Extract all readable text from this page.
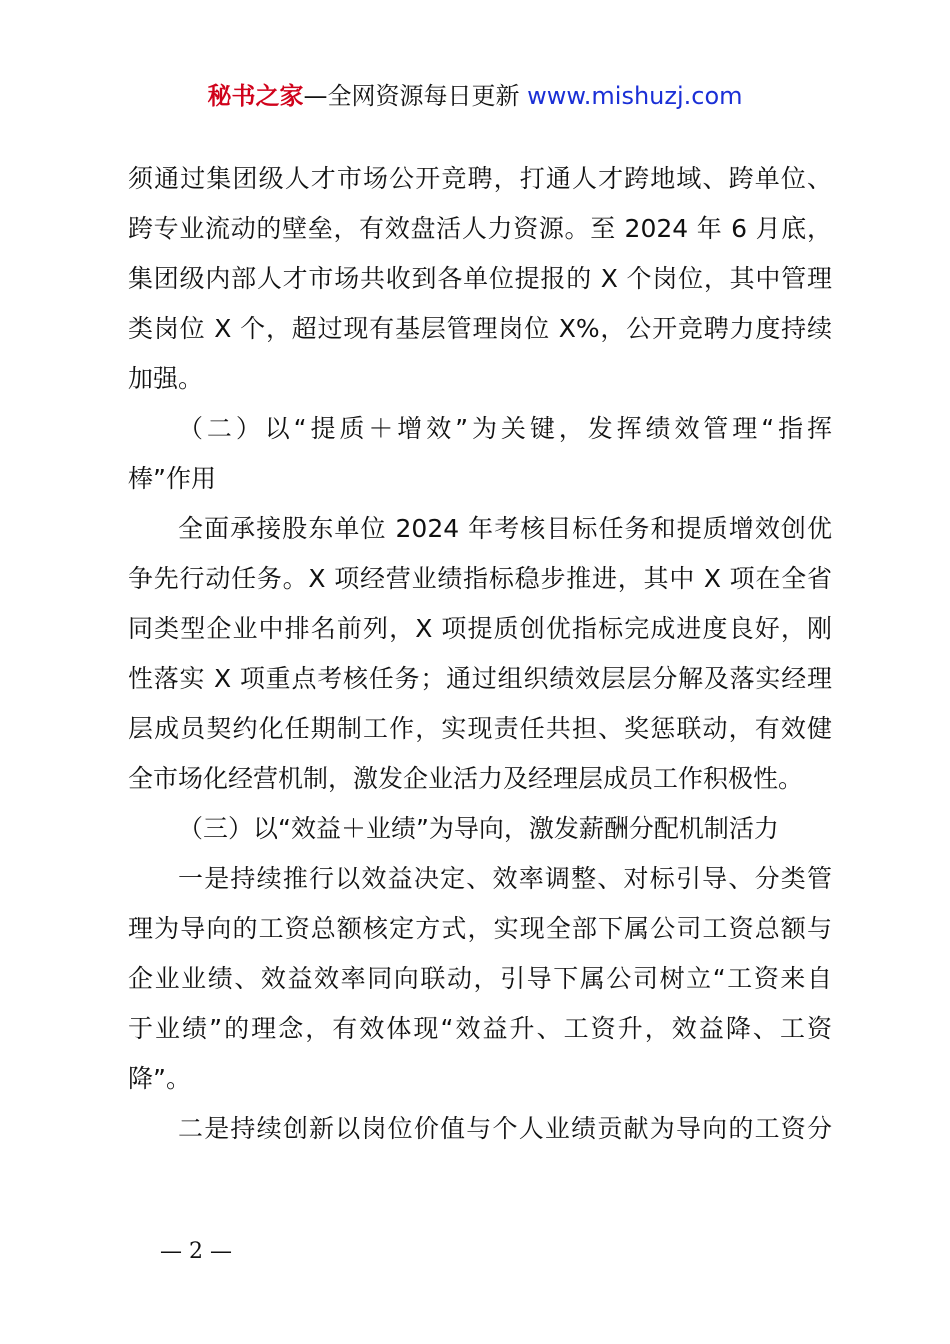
秘书之家—全网资源每日更新 www.mishuzj.com
须通过集团级人才市场公开竞聘，打通人才跨地域、跨单位、
跨专业流动的壁垒，有效盘活人力资源。至 2024 年 6 月底，
集团级内部人才市场共收到各单位提报的 X 个岗位，其中管理
类岗位 X 个，超过现有基层管理岗位 X%，公开竞聘力度持续
加强。
（二）以“提质＋增效”为关键，发挥绩效管理“指挥
棒”作用
全面承接股东单位 2024 年考核目标任务和提质增效创优
争先行动任务。X 项经营业绩指标稳步推进，其中 X 项在全省
同类型企业中排名前列，X 项提质创优指标完成进度良好，刚
性落实 X 项重点考核任务；通过组织绩效层层分解及落实经理
层成员契约化任期制工作，实现责任共担、奖惩联动，有效健
全市场化经营机制，激发企业活力及经理层成员工作积极性。
（三）以“效益＋业绩”为导向，激发薪酬分配机制活力
一是持续推行以效益决定、效率调整、对标引导、分类管
理为导向的工资总额核定方式，实现全部下属公司工资总额与
企业业绩、效益效率同向联动，引导下属公司树立“工资来自
于业绩”的理念，有效体现“效益升、工资升，效益降、工资
降”。
二是持续创新以岗位价值与个人业绩贡献为导向的工资分
— 2 —
